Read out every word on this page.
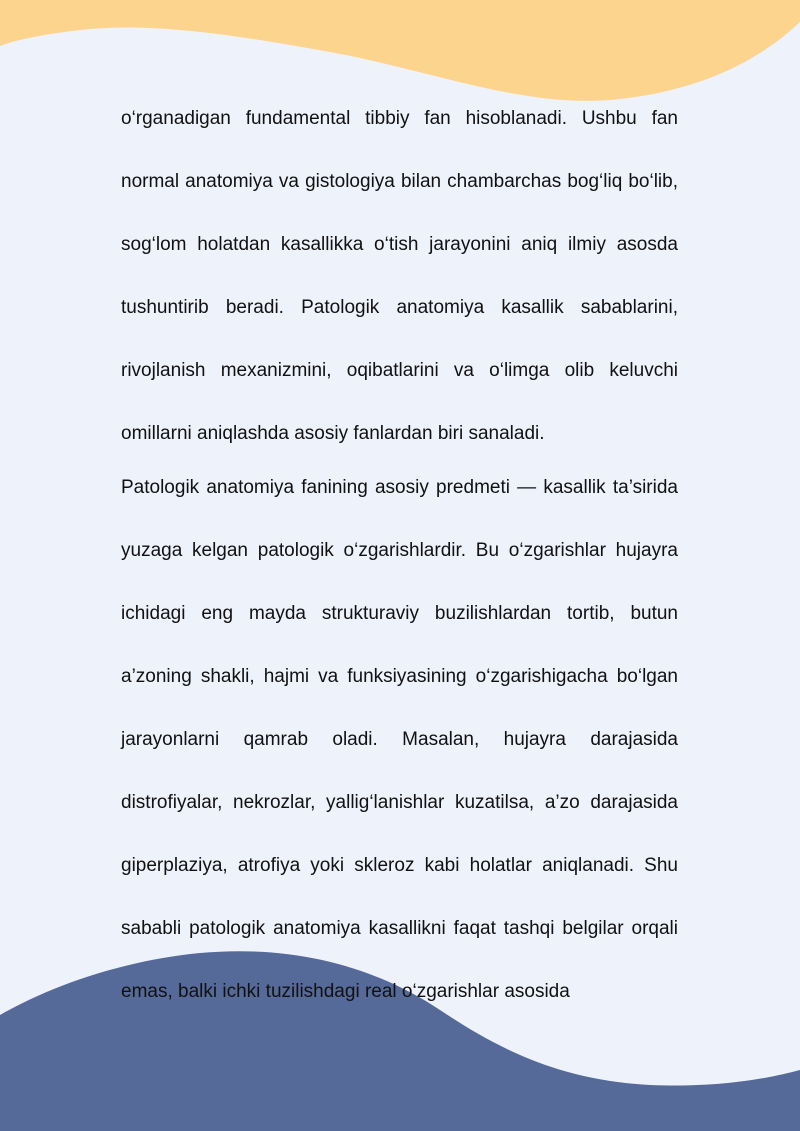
o‘rganadigan fundamental tibbiy fan hisoblanadi. Ushbu fan normal anatomiya va gistologiya bilan chambarchas bog‘liq bo‘lib, sog‘lom holatdan kasallikka o‘tish jarayonini aniq ilmiy asosda tushuntirib beradi. Patologik anatomiya kasallik sabablarini, rivojlanish mexanizmini, oqibatlarini va o‘limga olib keluvchi omillarni aniqlashda asosiy fanlardan biri sanaladi.
Patologik anatomiya fanining asosiy predmeti — kasallik ta’sirida yuzaga kelgan patologik o‘zgarishlardir. Bu o‘zgarishlar hujayra ichidagi eng mayda strukturaviy buzilishlardan tortib, butun a’zoning shakli, hajmi va funksiyasining o‘zgarishigacha bo‘lgan jarayonlarni qamrab oladi. Masalan, hujayra darajasida distrofiyalar, nekrozlar, yallig‘lanishlar kuzatilsa, a’zo darajasida giperplaziya, atrofiya yoki skleroz kabi holatlar aniqlanadi. Shu sababli patologik anatomiya kasallikni faqat tashqi belgilar orqali emas, balki ichki tuzilishdagi real o‘zgarishlar asosida
